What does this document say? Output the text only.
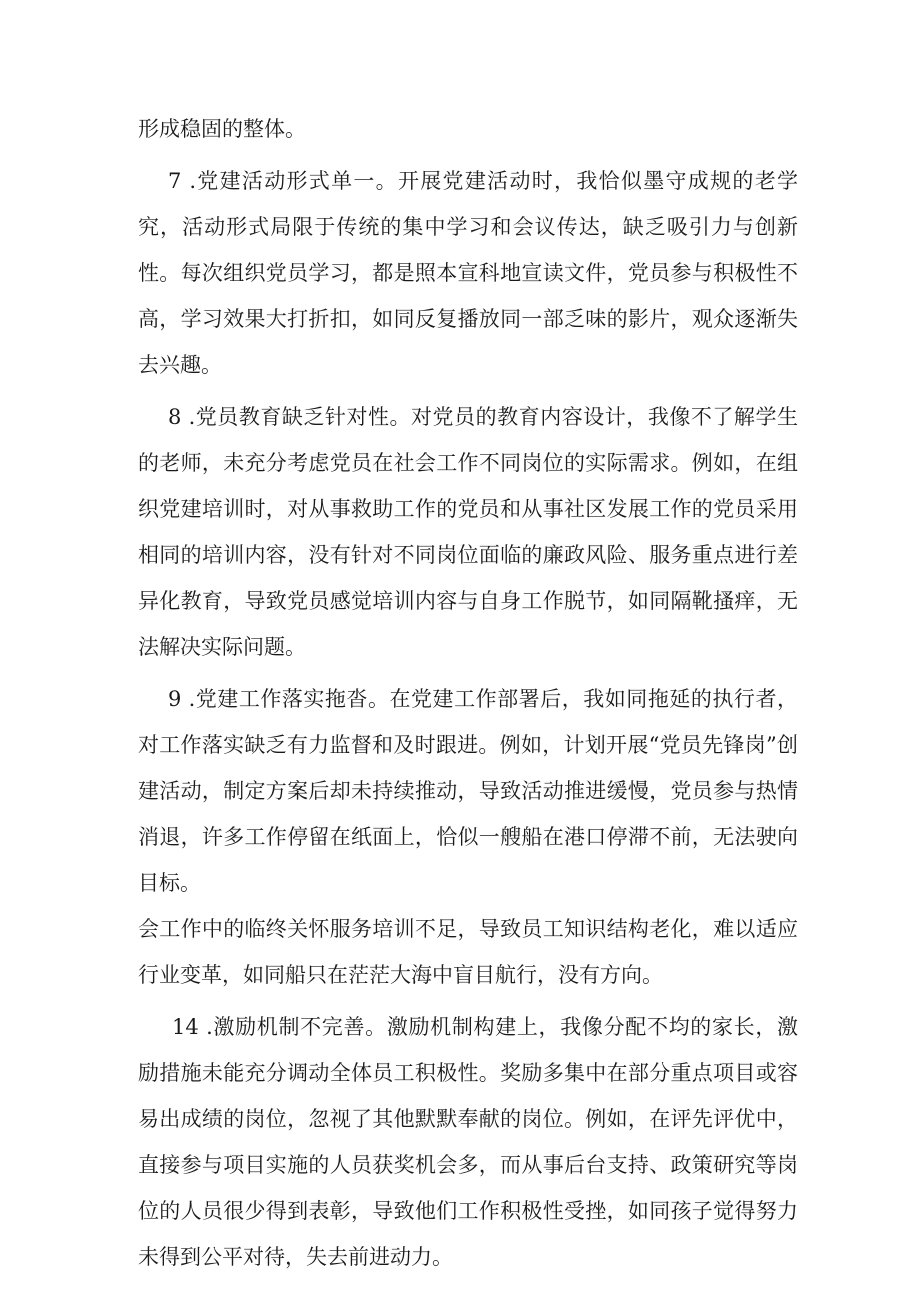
形成稳固的整体。

7 .党建活动形式单一。开展党建活动时，我恰似墨守成规的老学究，活动形式局限于传统的集中学习和会议传达，缺乏吸引力与创新性。每次组织党员学习，都是照本宣科地宣读文件，党员参与积极性不高，学习效果大打折扣，如同反复播放同一部乏味的影片，观众逐渐失去兴趣。

8 .党员教育缺乏针对性。对党员的教育内容设计，我像不了解学生的老师，未充分考虑党员在社会工作不同岗位的实际需求。例如，在组织党建培训时，对从事救助工作的党员和从事社区发展工作的党员采用相同的培训内容，没有针对不同岗位面临的廉政风险、服务重点进行差异化教育，导致党员感觉培训内容与自身工作脱节，如同隔靴搔痒，无法解决实际问题。

9 .党建工作落实拖沓。在党建工作部署后，我如同拖延的执行者，对工作落实缺乏有力监督和及时跟进。例如，计划开展“党员先锋岗”创建活动，制定方案后却未持续推动，导致活动推进缓慢，党员参与热情消退，许多工作停留在纸面上，恰似一艘船在港口停滞不前，无法驶向目标。

会工作中的临终关怀服务培训不足，导致员工知识结构老化，难以适应行业变革，如同船只在茫茫大海中盲目航行，没有方向。

14 .激励机制不完善。激励机制构建上，我像分配不均的家长，激励措施未能充分调动全体员工积极性。奖励多集中在部分重点项目或容易出成绩的岗位，忽视了其他默默奉献的岗位。例如，在评先评优中，直接参与项目实施的人员获奖机会多，而从事后台支持、政策研究等岗位的人员很少得到表彰，导致他们工作积极性受挫，如同孩子觉得努力未得到公平对待，失去前进动力。
